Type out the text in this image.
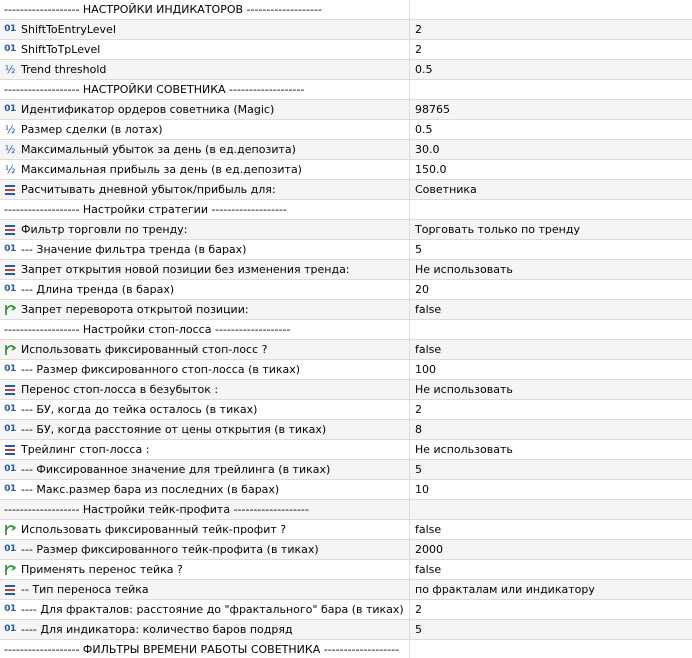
------------------- НАСТРОЙКИ ИНДИКАТОРОВ -------------------
01 ShiftToEntryLevel	2
01 ShiftToTpLevel	2
½ Trend threshold	0.5
------------------- НАСТРОЙКИ СОВЕТНИКА -------------------
01 Идентификатор ордеров советника (Magic)	98765
½ Размер сделки (в лотах)	0.5
½ Максимальный убыток за день (в ед.депозита)	30.0
½ Максимальная прибыль за день (в ед.депозита)	150.0
Расчитывать дневной убыток/прибыль для:	Советника
------------------- Настройки стратегии -------------------
Фильтр торговли по тренду:	Торговать только по тренду
01 --- Значение фильтра тренда (в барах)	5
Запрет открытия новой позиции без изменения тренда:	Не использовать
01 --- Длина тренда (в барах)	20
Запрет переворота открытой позиции:	false
------------------- Настройки стоп-лосса -------------------
Использовать фиксированный стоп-лосс ?	false
01 --- Размер фиксированного стоп-лосса (в тиках)	100
Перенос стоп-лосса в безубыток :	Не использовать
01 --- БУ, когда до тейка осталось (в тиках)	2
01 --- БУ, когда расстояние от цены открытия (в тиках)	8
Трейлинг стоп-лосса :	Не использовать
01 --- Фиксированное значение для трейлинга (в тиках)	5
01 --- Макс.размер бара из последних (в барах)	10
------------------- Настройки тейк-профита -------------------
Использовать фиксированный тейк-профит ?	false
01 --- Размер фиксированного тейк-профита (в тиках)	2000
Применять перенос тейка ?	false
-- Тип переноса тейка	по фракталам или индикатору
01 ---- Для фракталов: расстояние до "фрактального" бара (в тиках)	2
01 ---- Для индикатора: количество баров подряд	5
------------------- ФИЛЬТРЫ ВРЕМЕНИ РАБОТЫ СОВЕТНИКА -------------------
